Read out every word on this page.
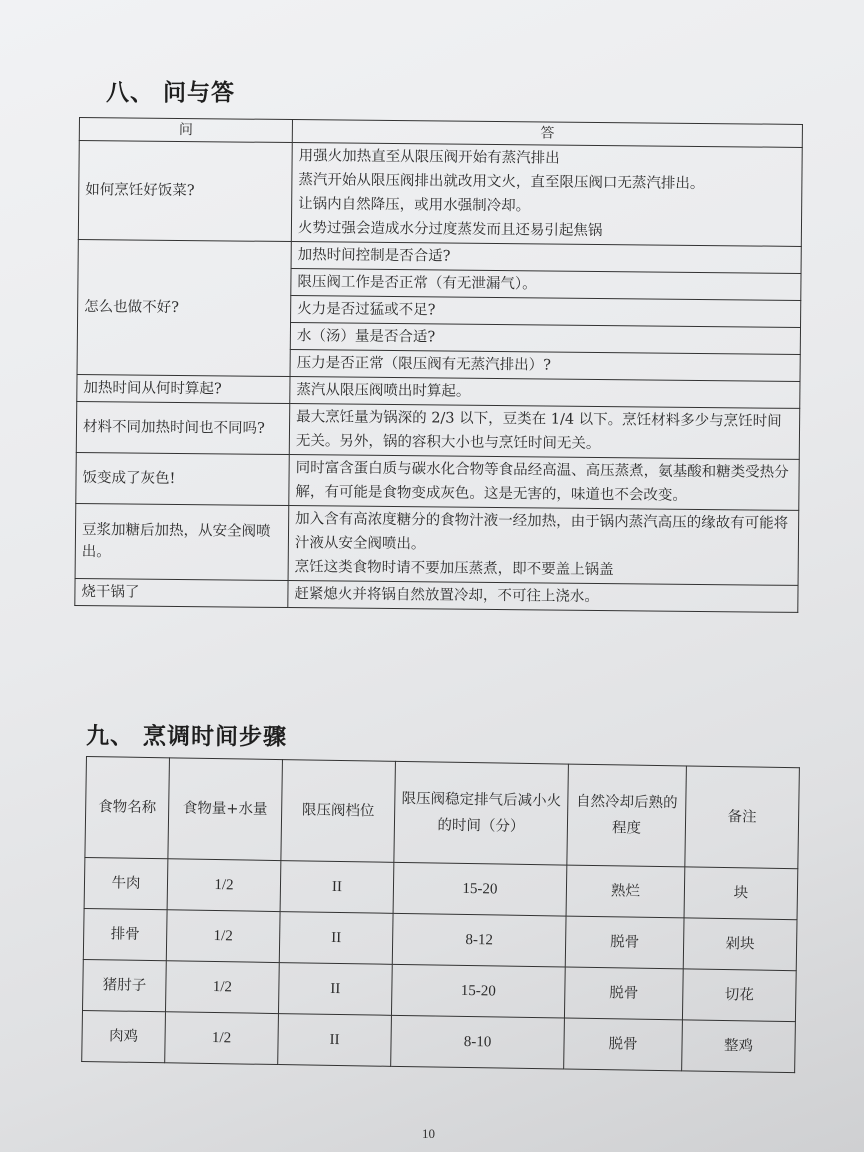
八、 问与答
问	答
如何烹饪好饭菜?	用强火加热直至从限压阀开始有蒸汽排出
蒸汽开始从限压阀排出就改用文火，直至限压阀口无蒸汽排出。
让锅内自然降压，或用水强制冷却。
火势过强会造成水分过度蒸发而且还易引起焦锅

怎么也做不好?	加热时间控制是否合适?
	限压阀工作是否正常（有无泄漏气）。
	火力是否过猛或不足?
	水（汤）量是否合适?
	压力是否正常（限压阀有无蒸汽排出）?
加热时间从何时算起?	蒸汽从限压阀喷出时算起。
材料不同加热时间也不同吗?	最大烹饪量为锅深的 2/3 以下，豆类在 1/4 以下。烹饪材料多少与烹饪时间无关。另外，锅的容积大小也与烹饪时间无关。
饭变成了灰色!	同时富含蛋白质与碳水化合物等食品经高温、高压蒸煮，氨基酸和糖类受热分解，有可能是食物变成灰色。这是无害的，味道也不会改变。
豆浆加糖后加热，从安全阀喷出。	加入含有高浓度糖分的食物汁液一经加热，由于锅内蒸汽高压的缘故有可能将汁液从安全阀喷出。
烹饪这类食物时请不要加压蒸煮，即不要盖上锅盖

烧干锅了	赶紧熄火并将锅自然放置冷却，不可往上浇水。
九、 烹调时间步骤
食物名称	食物量+水量	限压阀档位	限压阀稳定排气后减小火的时间（分）	自然冷却后熟的程度	备注
牛肉	1/2	II	15-20	熟烂	块
排骨	1/2	II	8-12	脱骨	剁块
猪肘子	1/2	II	15-20	脱骨	切花
肉鸡	1/2	II	8-10	脱骨	整鸡
10
